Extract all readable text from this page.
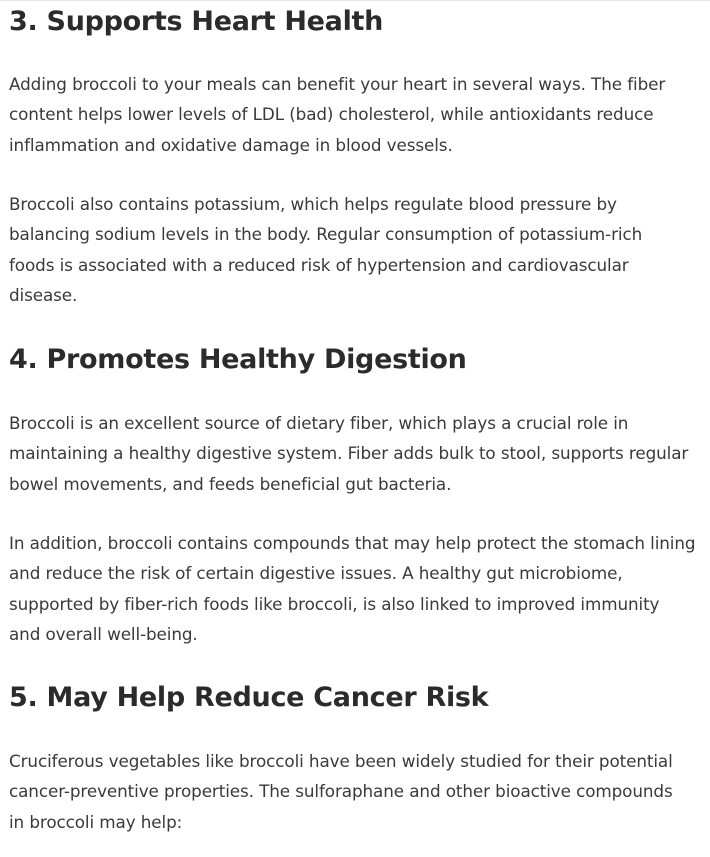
3. Supports Heart Health

Adding broccoli to your meals can benefit your heart in several ways. The fiber
content helps lower levels of LDL (bad) cholesterol, while antioxidants reduce
inflammation and oxidative damage in blood vessels.

Broccoli also contains potassium, which helps regulate blood pressure by
balancing sodium levels in the body. Regular consumption of potassium-rich
foods is associated with a reduced risk of hypertension and cardiovascular
disease.

4. Promotes Healthy Digestion

Broccoli is an excellent source of dietary fiber, which plays a crucial role in
maintaining a healthy digestive system. Fiber adds bulk to stool, supports regular
bowel movements, and feeds beneficial gut bacteria.

In addition, broccoli contains compounds that may help protect the stomach lining
and reduce the risk of certain digestive issues. A healthy gut microbiome,
supported by fiber-rich foods like broccoli, is also linked to improved immunity
and overall well-being.

5. May Help Reduce Cancer Risk

Cruciferous vegetables like broccoli have been widely studied for their potential
cancer-preventive properties. The sulforaphane and other bioactive compounds
in broccoli may help:
